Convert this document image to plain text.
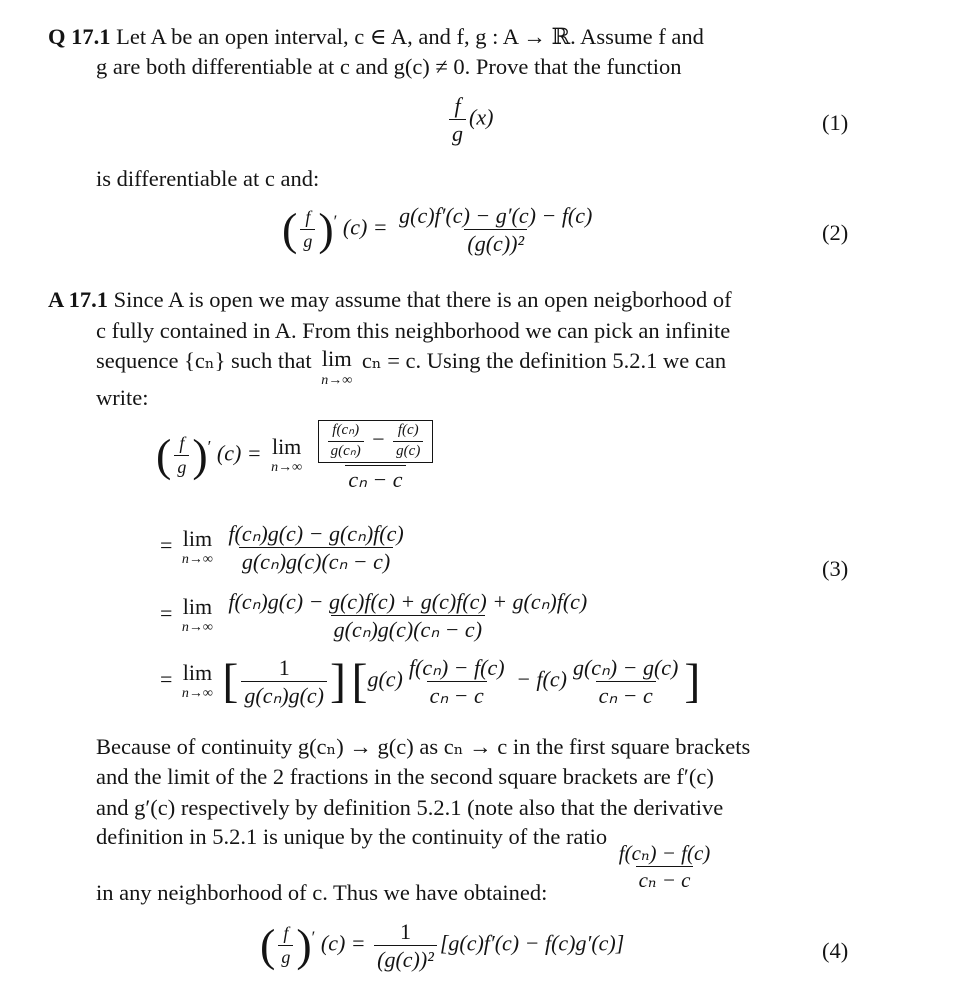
Q 17.1 Let A be an open interval, c ∈ A, and f, g : A → ℝ. Assume f and
g are both differentiable at c and g(c) ≠ 0. Prove that the function
$\frac{f}{g} (x)$	(1)
is differentiable at c and:
( $\frac{f}{g} )'$ $(c) = \frac{g(c)f'(c) - g'(c) - f(c)}{\text{(g(c))²}}$	(2)
A 17.1 Since A is open we may assume that there is an open neigborhood of
c fully contained in A. From this neighborhood we can pick an infinite
sequence {cₙ} such that lim
n→∞
cₙ = c. Using the definition 5.2.1 we can
write:
( $\frac{f}{g} )'$ (c) = lim
n→∞
$\frac{\frac{\text{f(cₙ)}}{\text{g(cₙ)}} - \frac{f(c)}{g(c)}}{\text{cₙ − c}}$
= lim
n→∞
$\frac{\text{f(cₙ)g(c) − g(cₙ)f(c)}}{\text{g(cₙ)g(c)(cₙ − c)}}$	(3)
= lim
n→∞
$\frac{\text{f(cₙ)g(c) − g(c)f(c) + g(c)f(c) + g(cₙ)f(c)}}{\text{g(cₙ)g(c)(cₙ − c)}}$
= lim
n→∞ [ $\frac{1}{\text{g(cₙ)g(c)}}$ ] [$g(c) \frac{\text{f(cₙ) − f(c)}}{\text{cₙ − c}} - f(c) \frac{\text{g(cₙ) − g(c)}}{\text{cₙ − c}}$ ]
Because of continuity g(cₙ) → g(c) as cₙ → c in the first square brackets
and the limit of the 2 fractions in the second square brackets are f′(c)
and g′(c) respectively by definition 5.2.1 (note also that the derivative
definition in 5.2.1 is unique by the continuity of the ratio
$\frac{\text{f(cₙ) − f(c)}}{\text{cₙ − c}}$
in any neighborhood of c. Thus we have obtained:
( $\frac{f}{g} )'$ $(c) = \frac{1}{\text{(g(c))²}} [g(c)f'(c) - f(c)g'(c)]$	(4)
